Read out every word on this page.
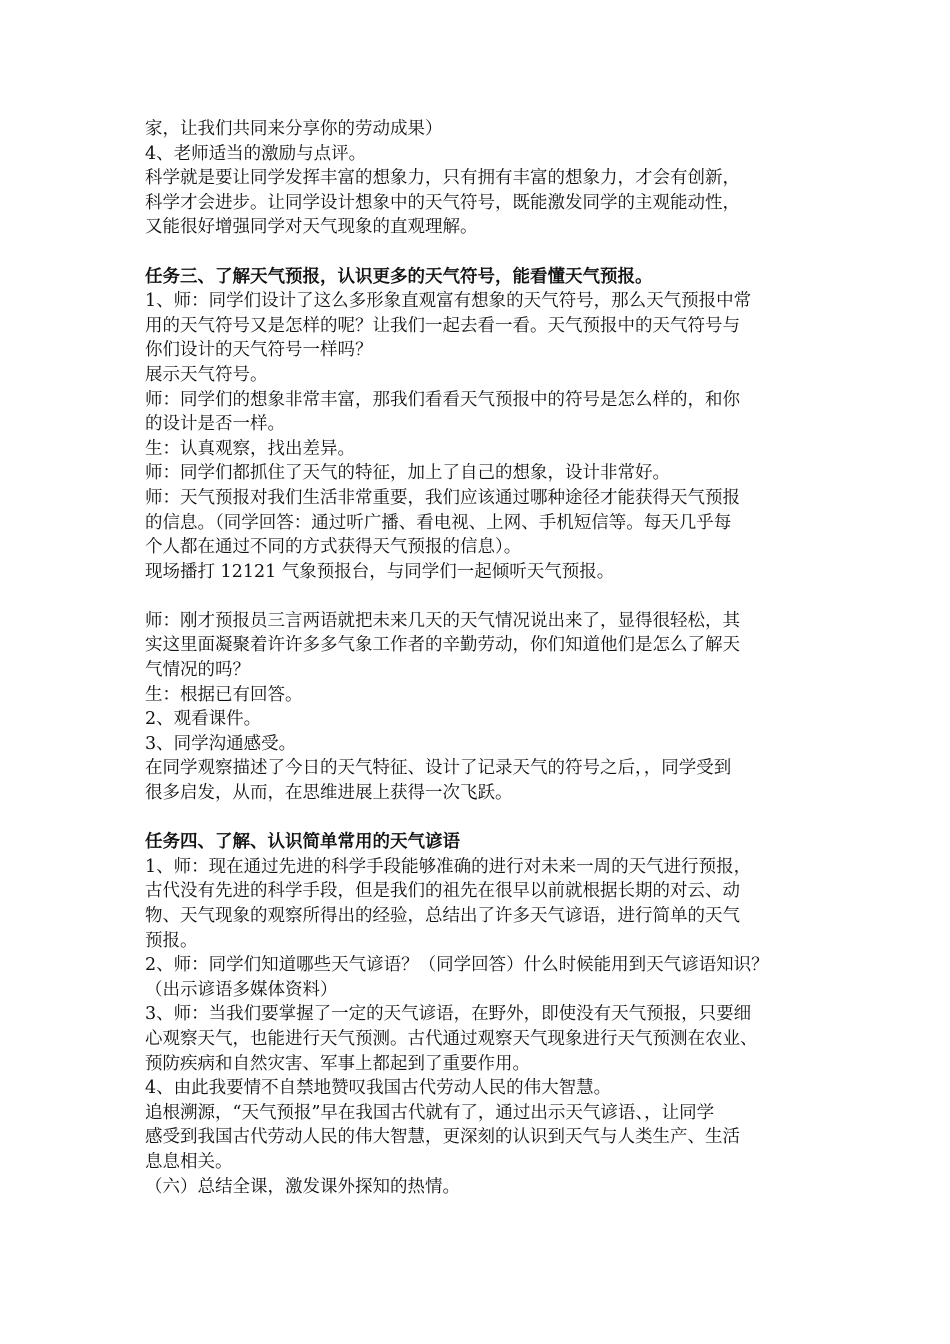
家，让我们共同来分享你的劳动成果）

4、老师适当的激励与点评。

科学就是要让同学发挥丰富的想象力，只有拥有丰富的想象力，才会有创新，

科学才会进步。让同学设计想象中的天气符号，既能激发同学的主观能动性，

又能很好增强同学对天气现象的直观理解。

任务三、了解天气预报，认识更多的天气符号，能看懂天气预报。

1、师：同学们设计了这么多形象直观富有想象的天气符号，那么天气预报中常

用的天气符号又是怎样的呢？让我们一起去看一看。天气预报中的天气符号与

你们设计的天气符号一样吗？

展示天气符号。

师：同学们的想象非常丰富，那我们看看天气预报中的符号是怎么样的，和你

的设计是否一样。

生：认真观察，找出差异。

师：同学们都抓住了天气的特征，加上了自己的想象，设计非常好。

师：天气预报对我们生活非常重要，我们应该通过哪种途径才能获得天气预报

的信息。（同学回答：通过听广播、看电视、上网、手机短信等。每天几乎每

个人都在通过不同的方式获得天气预报的信息）。

现场播打 12121 气象预报台，与同学们一起倾听天气预报。

师：刚才预报员三言两语就把未来几天的天气情况说出来了，显得很轻松，其

实这里面凝聚着许许多多气象工作者的辛勤劳动，你们知道他们是怎么了解天

气情况的吗？

生：根据已有回答。

2、观看课件。

3、同学沟通感受。

在同学观察描述了今日的天气特征、设计了记录天气的符号之后，，同学受到

很多启发，从而，在思维进展上获得一次飞跃。

任务四、了解、认识简单常用的天气谚语

1、师：现在通过先进的科学手段能够准确的进行对未来一周的天气进行预报，

古代没有先进的科学手段，但是我们的祖先在很早以前就根据长期的对云、动

物、天气现象的观察所得出的经验，总结出了许多天气谚语，进行简单的天气

预报。

2、师：同学们知道哪些天气谚语？（同学回答）什么时候能用到天气谚语知识？

（出示谚语多媒体资料）

3、师：当我们要掌握了一定的天气谚语，在野外，即使没有天气预报，只要细

心观察天气，也能进行天气预测。古代通过观察天气现象进行天气预测在农业、

预防疾病和自然灾害、军事上都起到了重要作用。

4、由此我要情不自禁地赞叹我国古代劳动人民的伟大智慧。

追根溯源，“天气预报”早在我国古代就有了，通过出示天气谚语、，让同学

感受到我国古代劳动人民的伟大智慧，更深刻的认识到天气与人类生产、生活

息息相关。

（六）总结全课，激发课外探知的热情。
